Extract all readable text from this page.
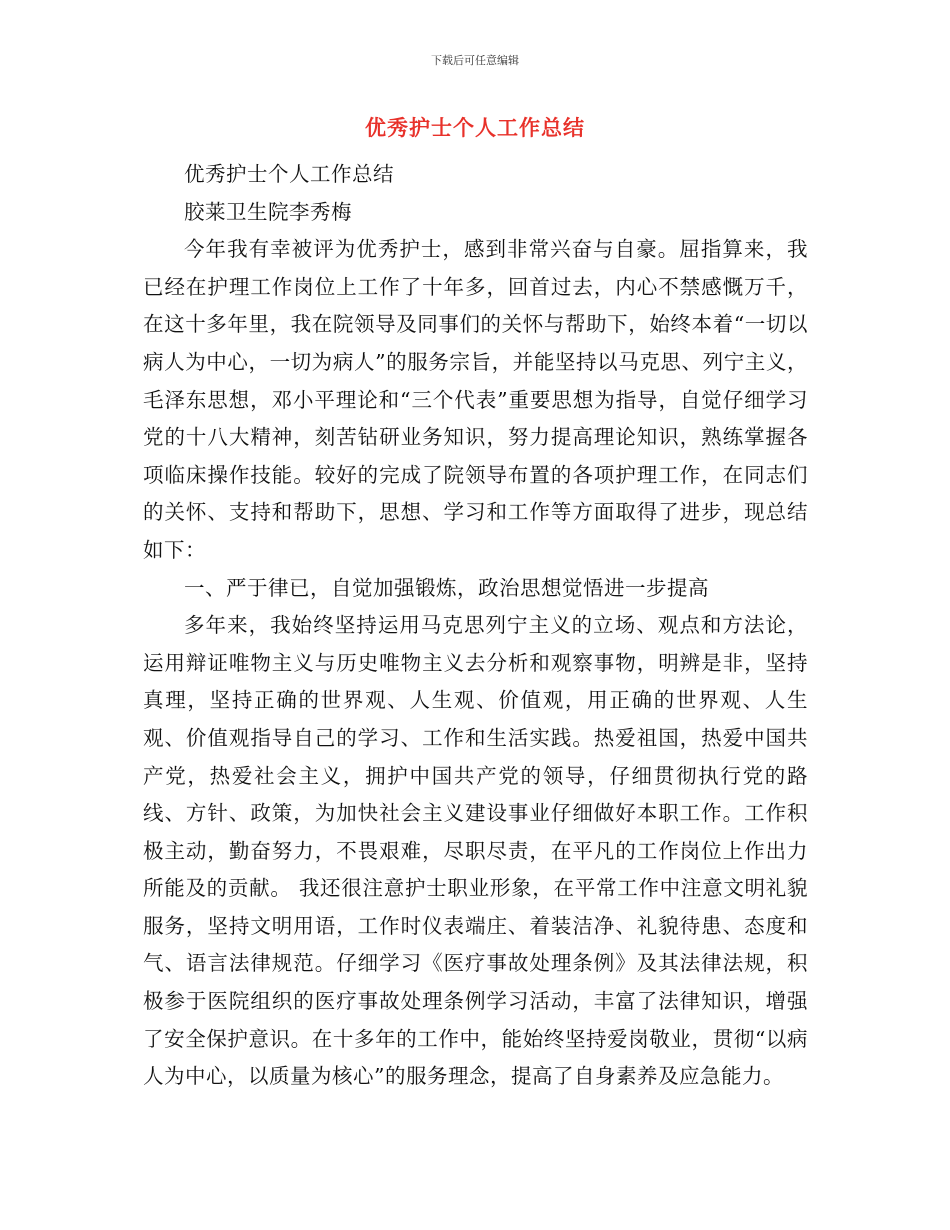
下载后可任意编辑
优秀护士个人工作总结

优秀护士个人工作总结

胶莱卫生院李秀梅

今年我有幸被评为优秀护士，感到非常兴奋与自豪。屈指算来，我已经在护理工作岗位上工作了十年多，回首过去，内心不禁感慨万千，在这十多年里，我在院领导及同事们的关怀与帮助下，始终本着“一切以病人为中心，一切为病人”的服务宗旨，并能坚持以马克思、列宁主义，毛泽东思想，邓小平理论和“三个代表”重要思想为指导，自觉仔细学习党的十八大精神，刻苦钻研业务知识，努力提高理论知识，熟练掌握各项临床操作技能。较好的完成了院领导布置的各项护理工作，在同志们的关怀、支持和帮助下，思想、学习和工作等方面取得了进步，现总结如下：

一、严于律已，自觉加强锻炼，政治思想觉悟进一步提高

多年来，我始终坚持运用马克思列宁主义的立场、观点和方法论，运用辩证唯物主义与历史唯物主义去分析和观察事物，明辨是非，坚持真理，坚持正确的世界观、人生观、价值观，用正确的世界观、人生观、价值观指导自己的学习、工作和生活实践。热爱祖国，热爱中国共产党，热爱社会主义，拥护中国共产党的领导，仔细贯彻执行党的路线、方针、政策，为加快社会主义建设事业仔细做好本职工作。工作积极主动，勤奋努力，不畏艰难，尽职尽责，在平凡的工作岗位上作出力所能及的贡献。 我还很注意护士职业形象，在平常工作中注意文明礼貌服务，坚持文明用语，工作时仪表端庄、着装洁净、礼貌待患、态度和气、语言法律规范。仔细学习《医疗事故处理条例》及其法律法规，积极参于医院组织的医疗事故处理条例学习活动，丰富了法律知识，增强了安全保护意识。在十多年的工作中，能始终坚持爱岗敬业，贯彻“以病人为中心，以质量为核心”的服务理念，提高了自身素养及应急能力。
